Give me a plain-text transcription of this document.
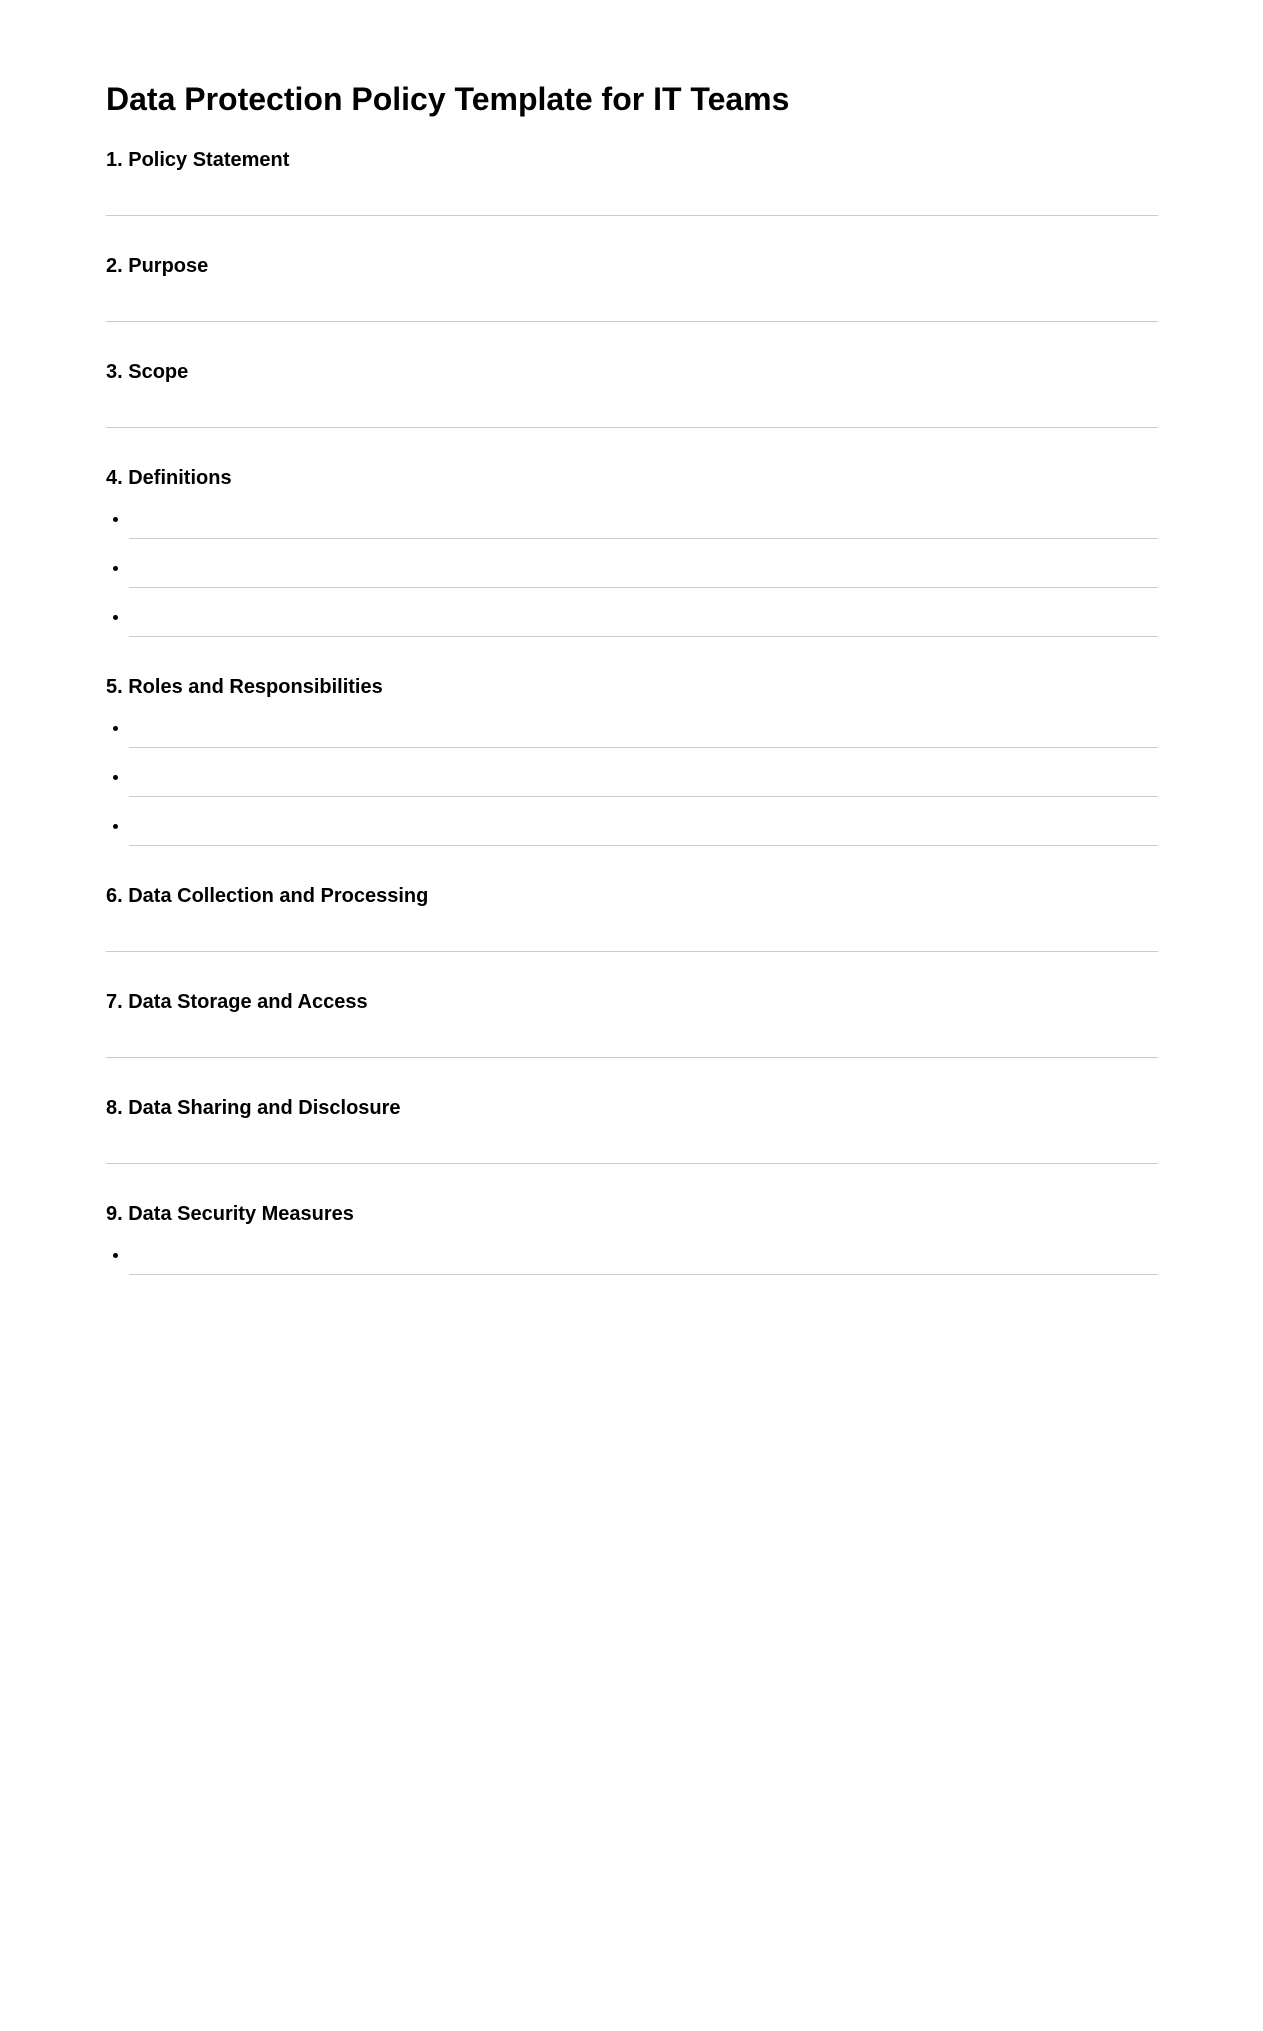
Data Protection Policy Template for IT Teams
1. Policy Statement
2. Purpose
3. Scope
4. Definitions
5. Roles and Responsibilities
6. Data Collection and Processing
7. Data Storage and Access
8. Data Sharing and Disclosure
9. Data Security Measures
